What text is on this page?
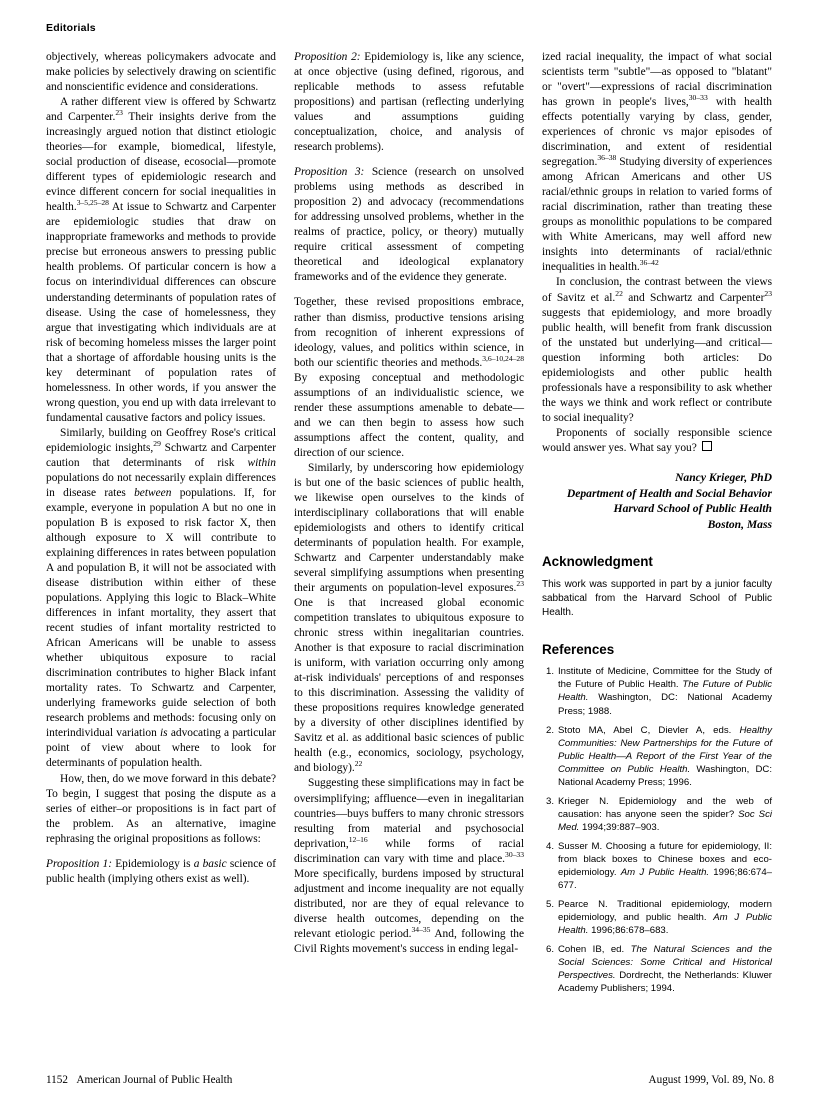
Editorials

objectively, whereas policymakers advocate and make policies by selectively drawing on scientific and nonscientific evidence and considerations.

A rather different view is offered by Schwartz and Carpenter.$^{23}$ Their insights derive from the increasingly argued notion that distinct etiologic theories—for example, biomedical, lifestyle, social production of disease, ecosocial—promote different types of epidemiologic research and evince different concern for social inequalities in health.$^{3-5,25-28}$ At issue to Schwartz and Carpenter are epidemiologic studies that draw on inappropriate frameworks and methods to provide precise but erroneous answers to pressing public health problems. Of particular concern is how a focus on interindividual differences can obscure understanding determinants of population rates of disease. Using the case of homelessness, they argue that investigating which individuals are at risk of becoming homeless misses the larger point that a shortage of affordable housing units is the key determinant of population rates of homelessness. In other words, if you answer the wrong question, you end up with data irrelevant to fundamental causative factors and policy issues.

Similarly, building on Geoffrey Rose's critical epidemiologic insights,$^{29}$ Schwartz and Carpenter caution that determinants of risk within populations do not necessarily explain differences in disease rates between populations. If, for example, everyone in population A but no one in population B is exposed to risk factor X, then although exposure to X will contribute to explaining differences in rates between population A and population B, it will not be associated with disease distribution within either of these populations. Applying this logic to Black–White differences in infant mortality, they assert that recent studies of infant mortality restricted to African Americans will be unable to assess whether ubiquitous exposure to racial discrimination contributes to higher Black infant mortality rates. To Schwartz and Carpenter, underlying frameworks guide selection of both research problems and methods: focusing only on interindividual variation is advocating a particular point of view about where to look for determinants of population health.

How, then, do we move forward in this debate? To begin, I suggest that posing the dispute as a series of either–or propositions is in fact part of the problem. As an alternative, imagine rephrasing the original propositions as follows:

Proposition 1: Epidemiology is a basic science of public health (implying others exist as well).

Proposition 2: Epidemiology is, like any science, at once objective (using defined, rigorous, and replicable methods to assess refutable propositions) and partisan (reflecting underlying values and assumptions guiding conceptualization, choice, and analysis of research problems).

Proposition 3: Science (research on unsolved problems using methods as described in proposition 2) and advocacy (recommendations for addressing unsolved problems, whether in the realms of practice, policy, or theory) mutually require critical assessment of competing theoretical and ideological explanatory frameworks and of the evidence they generate.

Together, these revised propositions embrace, rather than dismiss, productive tensions arising from recognition of inherent expressions of ideology, values, and politics within science, in both our scientific theories and methods.$^{3,6-10,24-28}$ By exposing conceptual and methodologic assumptions of an individualistic science, we render these assumptions amenable to debate—and we can then begin to assess how such assumptions affect the content, quality, and direction of our science.

Similarly, by underscoring how epidemiology is but one of the basic sciences of public health, we likewise open ourselves to the kinds of interdisciplinary collaborations that will enable epidemiologists and others to identify critical determinants of population health. For example, Schwartz and Carpenter understandably make several simplifying assumptions when presenting their arguments on population-level exposures.$^{23}$ One is that increased global economic competition translates to ubiquitous exposure to chronic stress within inegalitarian countries. Another is that exposure to racial discrimination is uniform, with variation occurring only among at-risk individuals' perceptions of and responses to this discrimination. Assessing the validity of these propositions requires knowledge generated by a diversity of other disciplines identified by Savitz et al. as additional basic sciences of public health (e.g., economics, sociology, psychology, and biology).$^{22}$

Suggesting these simplifications may in fact be oversimplifying; affluence—even in inegalitarian countries—buys buffers to many chronic stressors resulting from material and psychosocial deprivation,$^{12-16}$ while forms of racial discrimination can vary with time and place.$^{30-33}$ More specifically, burdens imposed by structural adjustment and income inequality are not equally distributed, nor are they of equal relevance to diverse health outcomes, depending on the relevant etiologic period.$^{34-35}$ And, following the Civil Rights movement's success in ending legal-

ized racial inequality, the impact of what social scientists term "subtle"—as opposed to "blatant" or "overt"—expressions of racial discrimination has grown in people's lives,$^{30-33}$ with health effects potentially varying by class, gender, experiences of chronic vs major episodes of discrimination, and extent of residential segregation.$^{36-38}$ Studying diversity of experiences among African Americans and other US racial/ethnic groups in relation to varied forms of racial discrimination, rather than treating these groups as monolithic populations to be compared with White Americans, may well afford new insights into determinants of racial/ethnic inequalities in health.$^{36-42}$

In conclusion, the contrast between the views of Savitz et al.$^{22}$ and Schwartz and Carpenter$^{23}$ suggests that epidemiology, and more broadly public health, will benefit from frank discussion of the unstated but underlying—and critical—question informing both articles: Do epidemiologists and other public health professionals have a responsibility to ask whether the ways we think and work reflect or contribute to social inequality?

Proponents of socially responsible science would answer yes. What say you?

Nancy Krieger, PhD
Department of Health and Social Behavior
Harvard School of Public Health
Boston, Mass
Acknowledgment
This work was supported in part by a junior faculty sabbatical from the Harvard School of Public Health.
References
1. Institute of Medicine, Committee for the Study of the Future of Public Health. The Future of Public Health. Washington, DC: National Academy Press; 1988.
2. Stoto MA, Abel C, Dievler A, eds. Healthy Communities: New Partnerships for the Future of Public Health—A Report of the First Year of the Committee on Public Health. Washington, DC: National Academy Press; 1996.
3. Krieger N. Epidemiology and the web of causation: has anyone seen the spider? Soc Sci Med. 1994;39:887–903.
4. Susser M. Choosing a future for epidemiology, II: from black boxes to Chinese boxes and eco-epidemiology. Am J Public Health. 1996;86:674–677.
5. Pearce N. Traditional epidemiology, modern epidemiology, and public health. Am J Public Health. 1996;86:678–683.
6. Cohen IB, ed. The Natural Sciences and the Social Sciences: Some Critical and Historical Perspectives. Dordrecht, the Netherlands: Kluwer Academy Publishers; 1994.
1152 American Journal of Public Health	August 1999, Vol. 89, No. 8
